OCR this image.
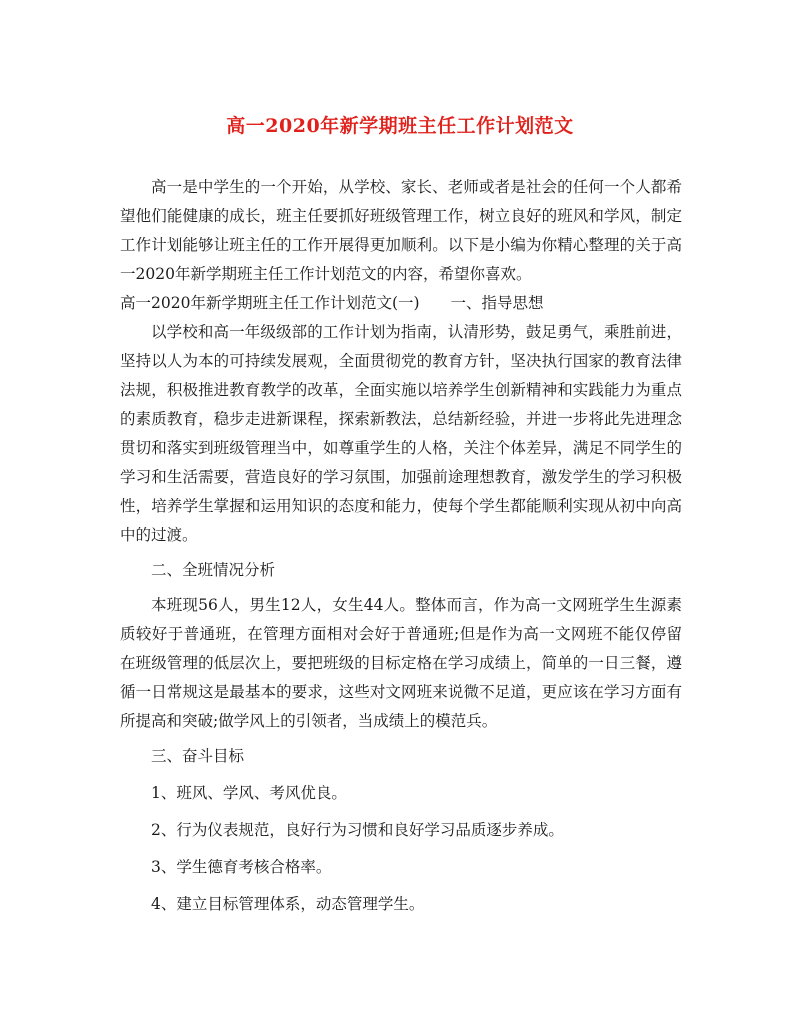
高一2020年新学期班主任工作计划范文

高一是中学生的一个开始，从学校、家长、老师或者是社会的任何一个人都希望他们能健康的成长，班主任要抓好班级管理工作，树立良好的班风和学风，制定工作计划能够让班主任的工作开展得更加顺利。以下是小编为你精心整理的关于高一2020年新学期班主任工作计划范文的内容，希望你喜欢。

高一2020年新学期班主任工作计划范文(一)　　一、指导思想

以学校和高一年级级部的工作计划为指南，认清形势，鼓足勇气，乘胜前进，坚持以人为本的可持续发展观，全面贯彻党的教育方针，坚决执行国家的教育法律法规，积极推进教育教学的改革，全面实施以培养学生创新精神和实践能力为重点的素质教育，稳步走进新课程，探索新教法，总结新经验，并进一步将此先进理念贯切和落实到班级管理当中，如尊重学生的人格，关注个体差异，满足不同学生的学习和生活需要，营造良好的学习氛围，加强前途理想教育，激发学生的学习积极性，培养学生掌握和运用知识的态度和能力，使每个学生都能顺利实现从初中向高中的过渡。

二、全班情况分析

本班现56人，男生12人，女生44人。整体而言，作为高一文网班学生生源素质较好于普通班，在管理方面相对会好于普通班;但是作为高一文网班不能仅停留在班级管理的低层次上，要把班级的目标定格在学习成绩上，简单的一日三餐，遵循一日常规这是最基本的要求，这些对文网班来说微不足道，更应该在学习方面有所提高和突破;做学风上的引领者，当成绩上的模范兵。

三、奋斗目标

1、班风、学风、考风优良。

2、行为仪表规范，良好行为习惯和良好学习品质逐步养成。

3、学生德育考核合格率。

4、建立目标管理体系，动态管理学生。
